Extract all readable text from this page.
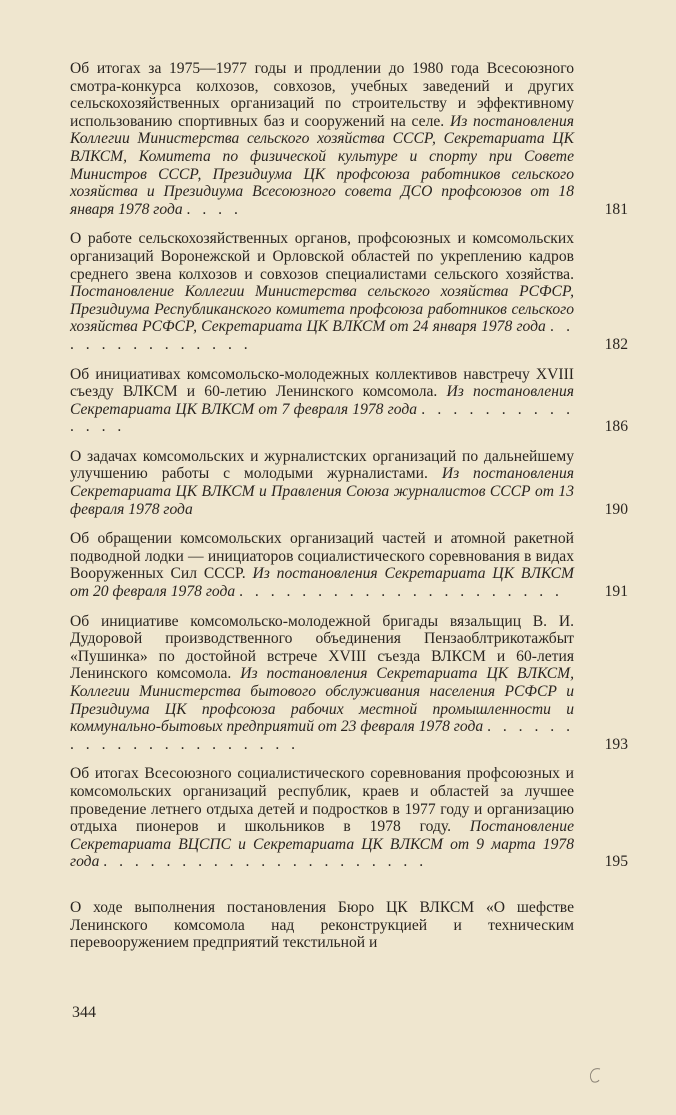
Об итогах за 1975—1977 годы и продлении до 1980 года Всесоюзного смотра-конкурса колхозов, совхозов, учебных заведений и других сельскохозяйственных организаций по строительству и эффективному использованию спортивных баз и сооружений на селе. Из постановления Коллегии Министерства сельского хозяйства СССР, Секретариата ЦК ВЛКСМ, Комитета по физической культуре и спорту при Совете Министров СССР, Президиума ЦК профсоюза работников сельского хозяйства и Президиума Всесоюзного совета ДСО профсоюзов от 18 января 1978 года . . . .	181

О работе сельскохозяйственных органов, профсоюзных и комсомольских организаций Воронежской и Орловской областей по укреплению кадров среднего звена колхозов и совхозов специалистами сельского хозяйства. Постановление Коллегии Министерства сельского хозяйства РСФСР, Президиума Республиканского комитета профсоюза работников сельского хозяйства РСФСР, Секретариата ЦК ВЛКСМ от 24 января 1978 года . . . . . . . . . . . . . .	182

Об инициативах комсомольско-молодежных коллективов навстречу XVIII съезду ВЛКСМ и 60-летию Ленинского комсомола. Из постановления Секретариата ЦК ВЛКСМ от 7 февраля 1978 года . . . . . . . . . . . . . .	186

О задачах комсомольских и журналистских организаций по дальнейшему улучшению работы с молодыми журналистами. Из постановления Секретариата ЦК ВЛКСМ и Правления Союза журналистов СССР от 13 февраля 1978 года	190

Об обращении комсомольских организаций частей и атомной ракетной подводной лодки — инициаторов социалистического соревнования в видах Вооруженных Сил СССР. Из постановления Секретариата ЦК ВЛКСМ от 20 февраля 1978 года . . . . . . . . . . . . . . . . . . . . .	191

Об инициативе комсомольско-молодежной бригады вязальщиц В. И. Дудоровой производственного объединения Пензаоблтрикотажбыт «Пушинка» по достойной встрече XVIII съезда ВЛКСМ и 60-летия Ленинского комсомола. Из постановления Секретариата ЦК ВЛКСМ, Коллегии Министерства бытового обслуживания населения РСФСР и Президиума ЦК профсоюза рабочих местной промышленности и коммунально-бытовых предприятий от 23 февраля 1978 года . . . . . . . . . . . . . . . . . . . . .	193

Об итогах Всесоюзного социалистического соревнования профсоюзных и комсомольских организаций республик, краев и областей за лучшее проведение летнего отдыха детей и подростков в 1977 году и организацию отдыха пионеров и школьников в 1978 году. Постановление Секретариата ВЦСПС и Секретариата ЦК ВЛКСМ от 9 марта 1978 года . . . . . . . . . . . . . . . . . . . . .	195

О ходе выполнения постановления Бюро ЦК ВЛКСМ «О шефстве Ленинского комсомола над реконструкцией и техническим перевооружением предприятий текстильной и

344
